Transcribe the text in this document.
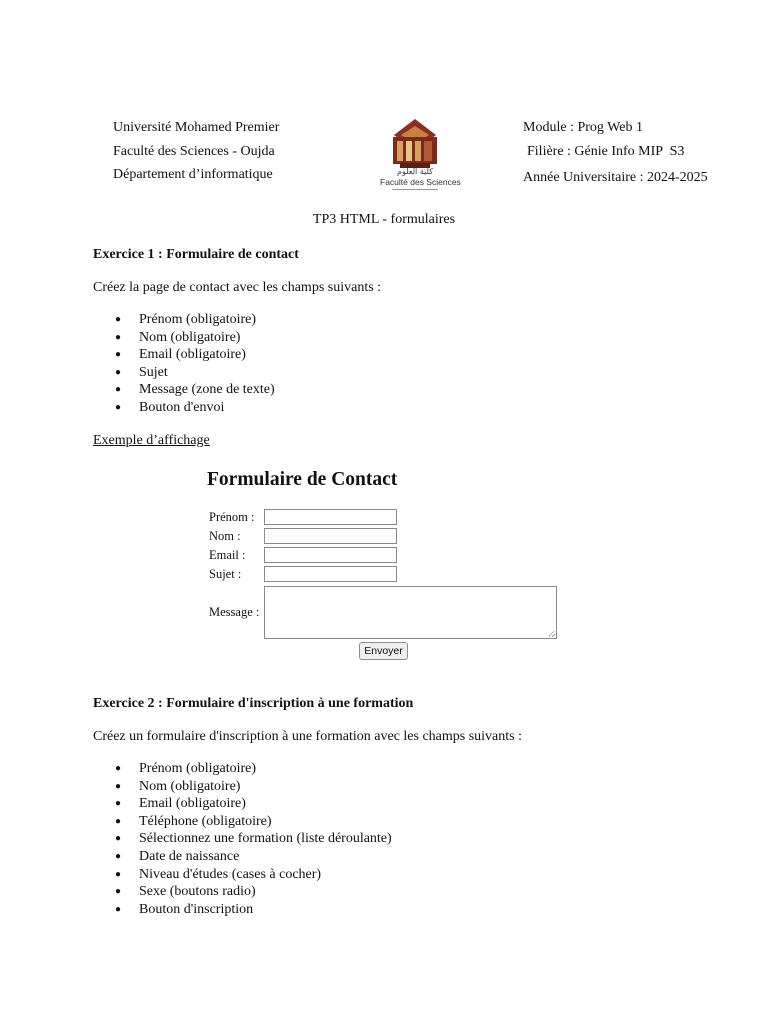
Université Mohamed Premier
Faculté des Sciences - Oujda
Département d’informatique	كلية العلوم
Faculté des Sciences
Module : Prog Web 1
Filière : Génie Info MIP  S3
Année Universitaire : 2024-2025
TP3 HTML - formulaires
Exercice 1 : Formulaire de contact
Créez la page de contact avec les champs suivants :
● Prénom (obligatoire)
● Nom (obligatoire)
● Email (obligatoire)
● Sujet
● Message (zone de texte)
● Bouton d'envoi
Exemple d’affichage
Formulaire de Contact
Prénom :
Nom :
Email :
Sujet :
Message :
Envoyer
Exercice 2 : Formulaire d'inscription à une formation
Créez un formulaire d'inscription à une formation avec les champs suivants :
● Prénom (obligatoire)
● Nom (obligatoire)
● Email (obligatoire)
● Téléphone (obligatoire)
● Sélectionnez une formation (liste déroulante)
● Date de naissance
● Niveau d'études (cases à cocher)
● Sexe (boutons radio)
● Bouton d'inscription
